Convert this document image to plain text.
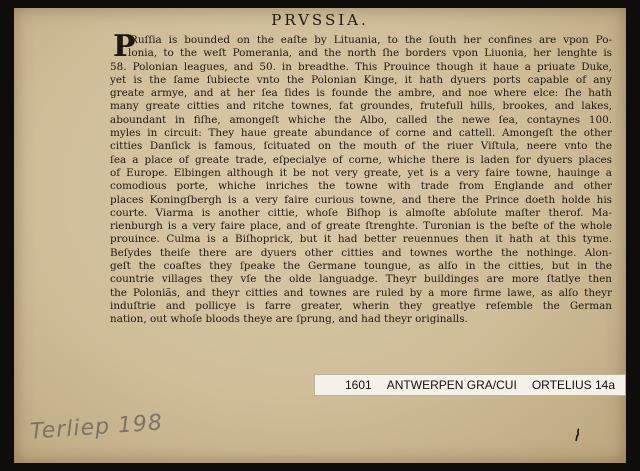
PRVSSIA.
Ruſſia is bounded on the eaſte by Lituania, to the ſouth her confines are vpon Po-
lonia, to the weſt Pomerania, and the north ſhe borders vpon Liuonia, her lenghte is
58. Polonian leagues, and 50. in breadthe. This Prouince though it haue a priuate Duke,
yet is the ſame ſubiecte vnto the Polonian Kinge, it hath dyuers ports capable of any
greate armye, and at her ſea ſides is founde the ambre, and noe where elce: ſhe hath
many greate citties and ritche townes, fat groundes, frutefull hills, brookes, and lakes,
aboundant in fiſhe, amongeſt whiche the Albo, called the newe ſea, contaynes 100.
myles in circuit: They haue greate abundance of corne and cattell. Amongeſt the other
citties Danſick is famous, ſcituated on the mouth of the riuer Viſtula, neere vnto the
ſea a place of greate trade, eſpecialye of corne, whiche there is laden for dyuers places
of Europe. Elbingen although it be not very greate, yet is a very faire towne, hauinge a
comodious porte, whiche inriches the towne with trade from Englande and other
places Koningſbergh is a very faire curious towne, and there the Prince doeth holde his
courte. Viarma is another cittie, whoſe Biſhop is almoſte abſolute maſter therof. Ma-
rienburgh is a very faire place, and of greate ſtrenghte. Turonian is the beſte of the whole
prouince. Culma is a Biſhoprick, but it had better reuennues then it hath at this tyme.
Beſydes theiſe there are dyuers other citties and townes worthe the nothinge. Alon-
geſt the coaſtes they ſpeake the Germane toungue, as alſo in the citties, but in the
countrie villages they vſe the olde languadge. Theyr buildinges are more ſtatlye then
the Poloniãs, and theyr citties and townes are ruled by a more firme lawe, as alſo theyr
induſtrie and pollicye is farre greater, wherin they greatlye reſemble the German
nation, out whoſe bloods theye are ſprung, and had theyr originalls.
P
1601 ANTWERPEN GRA/CUI ORTELIUS 14a
Terliep 198
